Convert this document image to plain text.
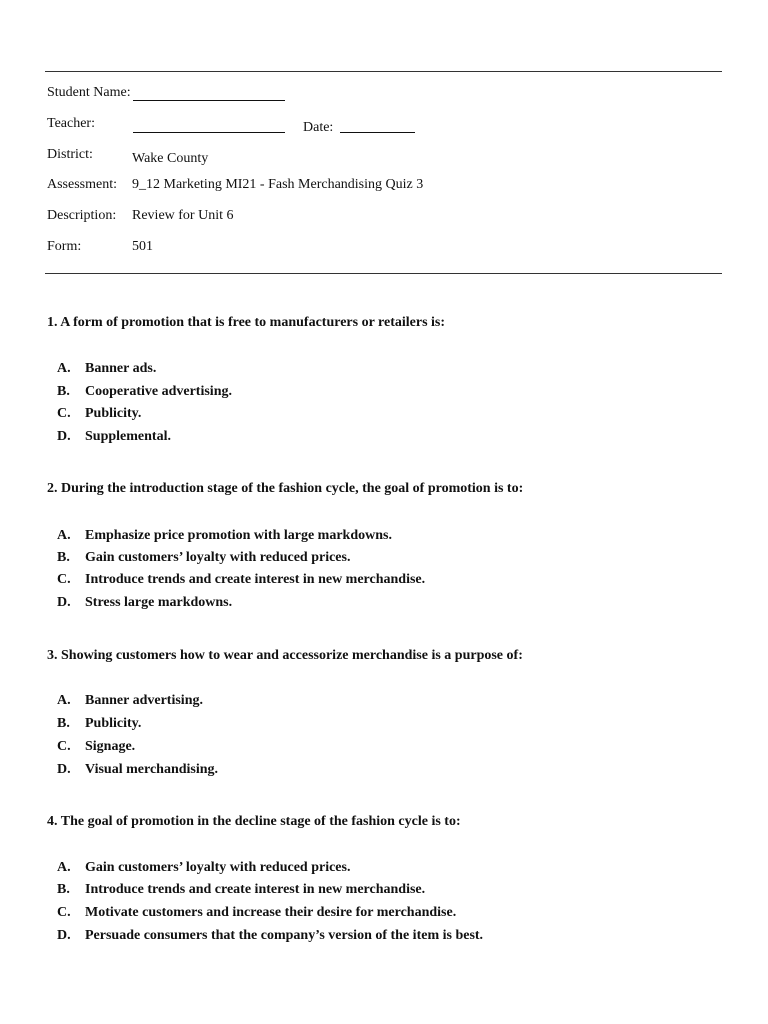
Student Name:
Teacher:	Date:
District:	Wake County
Assessment: 9_12 Marketing MI21 - Fash Merchandising Quiz 3
Description: Review for Unit 6
Form:	501
1. A form of promotion that is free to manufacturers or retailers is:
A. Banner ads.
B. Cooperative advertising.
C. Publicity.
D. Supplemental.
2. During the introduction stage of the fashion cycle, the goal of promotion is to:
A. Emphasize price promotion with large markdowns.
B. Gain customers’ loyalty with reduced prices.
C. Introduce trends and create interest in new merchandise.
D. Stress large markdowns.
3. Showing customers how to wear and accessorize merchandise is a purpose of:
A. Banner advertising.
B. Publicity.
C. Signage.
D. Visual merchandising.
4. The goal of promotion in the decline stage of the fashion cycle is to:
A. Gain customers’ loyalty with reduced prices.
B. Introduce trends and create interest in new merchandise.
C. Motivate customers and increase their desire for merchandise.
D. Persuade consumers that the company’s version of the item is best.
